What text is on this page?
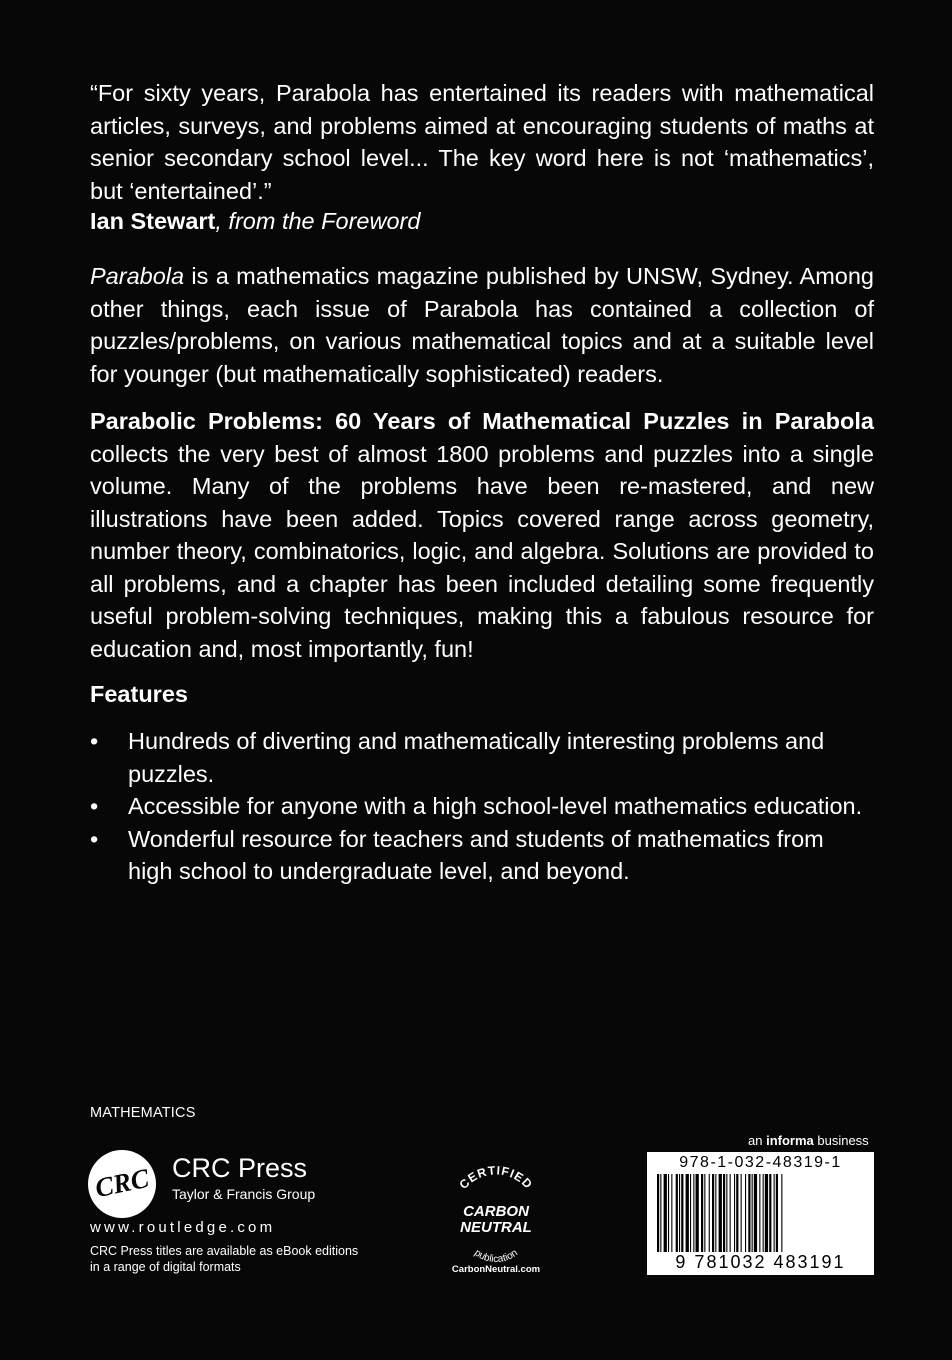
“For sixty years, Parabola has entertained its readers with mathematical articles, surveys, and problems aimed at encouraging students of maths at senior secondary school level... The key word here is not ‘mathematics’, but ‘entertained’.”
Ian Stewart, from the Foreword
Parabola is a mathematics magazine published by UNSW, Sydney. Among other things, each issue of Parabola has contained a collection of puzzles/problems, on various mathematical topics and at a suitable level for younger (but mathematically sophisticated) readers.
Parabolic Problems: 60 Years of Mathematical Puzzles in Parabola collects the very best of almost 1800 problems and puzzles into a single volume. Many of the problems have been re-mastered, and new illustrations have been added. Topics covered range across geometry, number theory, combinatorics, logic, and algebra. Solutions are provided to all problems, and a chapter has been included detailing some frequently useful problem-solving techniques, making this a fabulous resource for education and, most importantly, fun!
Features
• Hundreds of diverting and mathematically interesting problems and puzzles.
• Accessible for anyone with a high school-level mathematics education.
• Wonderful resource for teachers and students of mathematics from high school to undergraduate level, and beyond.
MATHEMATICS
CRC CRC Press
Taylor & Francis Group
www.routledge.com
CRC Press titles are available as eBook editions in a range of digital formats
CERTIFIED
CARBON
NEUTRAL
publication
CarbonNeutral.com
an informa business
978-1-032-48319-1
9 781032 483191
